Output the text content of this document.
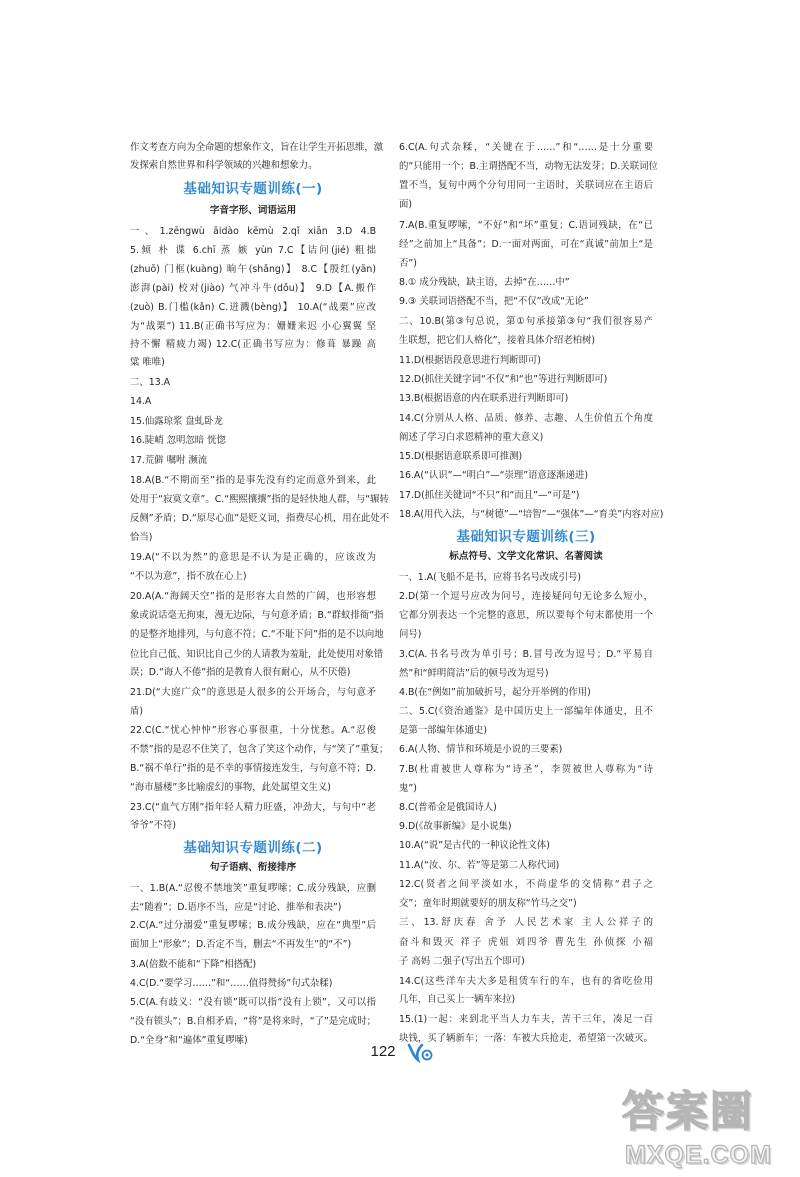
作文考查方向为全命题的想象作文，旨在让学生开拓思维，激
发探索自然世界和科学领域的兴趣和想象力。
基础知识专题训练(一)
字音字形、词语运用
一、1.zēngwù āidào kēmù 2.qǐ xiān 3.D 4.B
5.倾 朴 谍 6.chī 蒸 嫉 yùn 7.C【诘问(jié) 粗拙
(zhuō) 门框(kuàng) 晌午(shǎng)】 8.C【殷红(yān)
澎湃(pài) 校对(jiào) 气冲斗牛(dǒu)】 9.D【A.搬作
(zuò) B.门槛(kǎn) C.迸溅(bèng)】 10.A(“战栗”应改
为“战栗”) 11.B(正确书写应为：姗姗来迟 小心翼翼 坚
持不懈 精疲力竭) 12.C(正确书写应为：修葺 暴躁 高
粱 唯唯)
二、13.A
14.A
15.仙露琼浆 盘虬卧龙
16.陡峭 忽明忽暗 恍惚
17.荒僻 嘱咐 濒流
18.A(B.“不期而至”指的是事先没有约定而意外到来，此
处用于“寂寞文章”。C.“熙熙攘攘”指的是轻快地人群，与“辗转
反侧”矛盾；D.“原尽心血”是贬义词，指费尽心机，用在此处不
恰当)
19.A(“不以为然”的意思是不认为是正确的，应该改为
“不以为意”，指不放在心上)
20.A(A.“海阔天空”指的是形容大自然的广阔，也形容想
象或说话毫无拘束，漫无边际，与句意矛盾；B.“群蚁排衙”指
的是整齐地排列，与句意不符；C.“不耻下问”指的是不以向地
位比自己低、知识比自己少的人请教为羞耻，此处使用对象错
误；D.“诲人不倦”指的是教育人很有耐心，从不厌倦)
21.D(“大庭广众”的意思是人很多的公开场合，与句意矛
盾)
22.C(C.“忧心忡忡”形容心事很重，十分忧愁。A.“忍俊
不禁”指的是忍不住笑了，包含了笑这个动作，与“笑了”重复；
B.“祸不单行”指的是不幸的事情接连发生，与句意不符；D.
“海市蜃楼”多比喻虚幻的事物，此处属望文生义)
23.C(“血气方刚”指年轻人精力旺盛，冲劲大，与句中“老
爷爷”不符)
基础知识专题训练(二)
句子语病、衔接排序
一、1.B(A.“忍俊不禁地笑”重复啰嗦；C.成分残缺，应删
去“随着”；D.语序不当，应是“讨论、推举和表决”)
2.C(A.“过分溺爱”重复啰嗦；B.成分残缺，应在“典型”后
面加上“形象”；D.否定不当，删去“不再发生”的“不”)
3.A(倍数不能和“下降”相搭配)
4.C(D.“要学习……”和“……值得赞扬”句式杂糅)
5.C(A.有歧义：“没有锁”既可以指“没有上锁”，又可以指
“没有锁头”；B.自相矛盾，“将”是将来时，“了”是完成时；
D.“全身”和“遍体”重复啰嗦)
6.C(A.句式杂糅，“关键在于……”和“……是十分重要
的”只能用一个；B.主谓搭配不当，动物无法发芽；D.关联词位
置不当，复句中两个分句用同一主语时，关联词应在主语后
面)
7.A(B.重复啰嗦，“不好”和“坏”重复；C.语词残缺，在“已
经”之前加上“具备”；D.一面对两面，可在“真诚”前加上“是
否”)
8.① 成分残缺，缺主语，去掉“在……中”
9.③ 关联词语搭配不当，把“不仅”改成“无论”
二、10.B(第③句总说，第①句承接第③句“我们很容易产
生联想，把它们人格化”，接着具体介绍老柏树)
11.D(根据语段意思进行判断即可)
12.D(抓住关键字词“不仅”和“也”等进行判断即可)
13.B(根据语意的内在联系进行判断即可)
14.C(分别从人格、品质、修养、志趣、人生价值五个角度
阐述了学习白求恩精神的重大意义)
15.D(根据语意联系即可推测)
16.A(“认识”—“明白”—“崇理”语意逐渐递进)
17.D(抓住关键词“不只”和“而且”—“可是”)
18.A(用代入法，与“树德”—“培智”—“强体”—“育美”内容对应)
基础知识专题训练(三)
标点符号、文学文化常识、名著阅读
一、1.A(飞船不是书，应将书名号改成引号)
2.D(第一个逗号应改为问号，连接疑问句无论多么短小，
它都分别表达一个完整的意思，所以要每个句末都使用一个
问号)
3.C(A.书名号改为单引号；B.冒号改为逗号；D.“平易自
然”和“鲜明简洁”后的顿号改为逗号)
4.B(在“例如”前加破折号，起分开举例的作用)
二、5.C(《资治通鉴》是中国历史上一部编年体通史，且不
是第一部编年体通史)
6.A(人物、情节和环境是小说的三要素)
7.B(杜甫被世人尊称为“诗圣”，李贺被世人尊称为“诗
鬼”)
8.C(普希金是俄国诗人)
9.D(《故事新编》是小说集)
10.A(“说”是古代的一种议论性文体)
11.A(“汝、尔、若”等是第二人称代词)
12.C(贤者之间平淡如水，不尚虚华的交情称“君子之
交”；童年时期就要好的朋友称“竹马之交”)
三、13.舒庆春 舍予 人民艺术家 主人公祥子的
奋斗和毁灭 祥子 虎妞 刘四爷 曹先生 孙侦探 小福
子 高妈 二强子(写出五个即可)
14.C(这些洋车夫大多是租赁车行的车，也有的省吃俭用
几年，自己买上一辆车来拉)
15.(1)一起：来到北平当人力车夫，苦干三年，凑足一百
块钱，买了辆新车；一落：车被大兵抢走，希望第一次破灭。
122
答案圈
MXQE.COM
